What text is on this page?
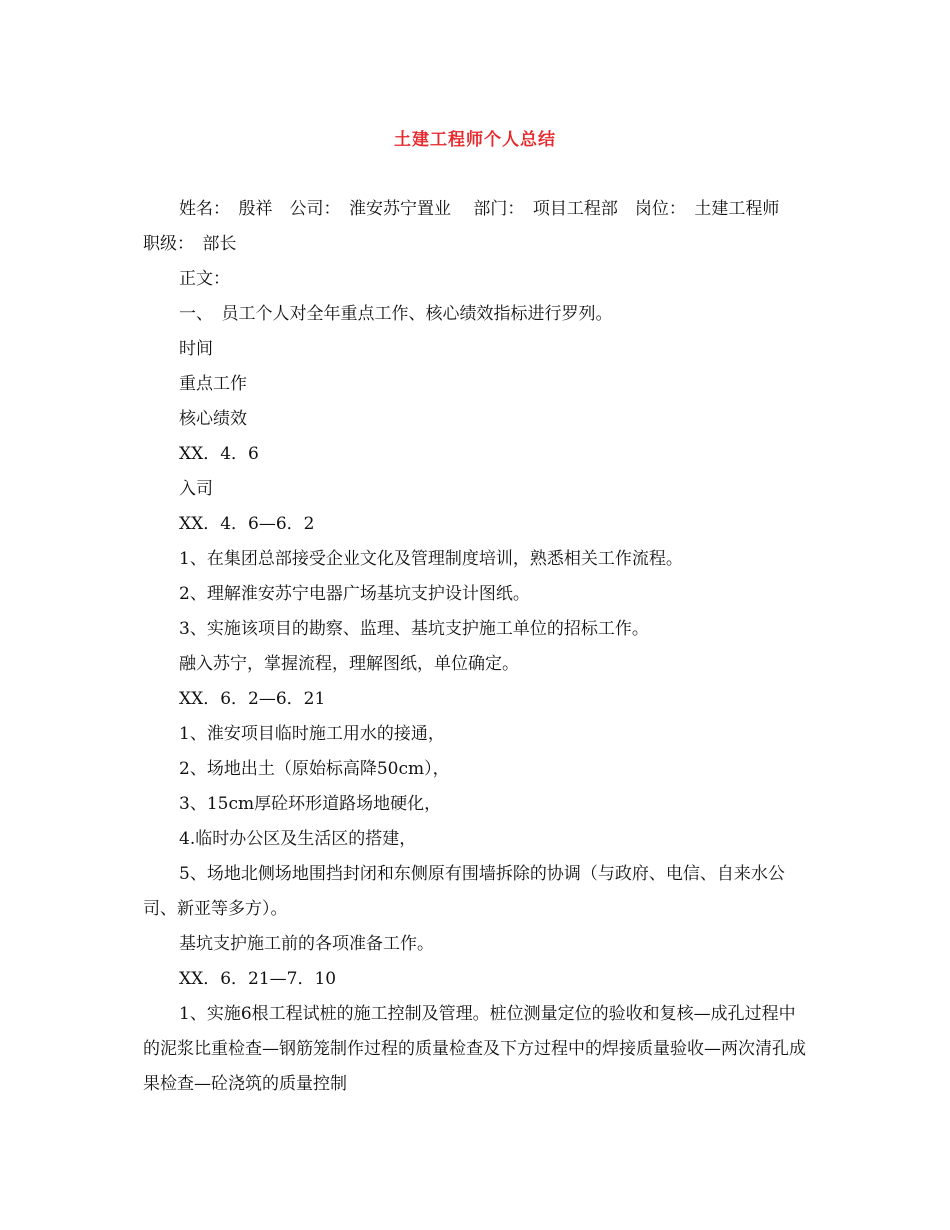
土建工程师个人总结

姓名：　殷祥　公司：　淮安苏宁置业　 部门：　项目工程部　岗位：　土建工程师　职级：　部长

正文：

一、　员工个人对全年重点工作、核心绩效指标进行罗列。

时间

重点工作

核心绩效

XX．4．6

入司

XX．4．6—6．2

1、在集团总部接受企业文化及管理制度培训，熟悉相关工作流程。

2、理解淮安苏宁电器广场基坑支护设计图纸。

3、实施该项目的勘察、监理、基坑支护施工单位的招标工作。

融入苏宁，掌握流程，理解图纸，单位确定。

XX．6．2—6．21

1、淮安项目临时施工用水的接通，

2、场地出土（原始标高降50cm），

3、15cm厚砼环形道路场地硬化，

4.临时办公区及生活区的搭建，

5、场地北侧场地围挡封闭和东侧原有围墙拆除的协调（与政府、电信、自来水公司、新亚等多方）。

基坑支护施工前的各项准备工作。

XX．6．21—7．10

1、实施6根工程试桩的施工控制及管理。桩位测量定位的验收和复核—成孔过程中的泥浆比重检查—钢筋笼制作过程的质量检查及下方过程中的焊接质量验收—两次清孔成果检查—砼浇筑的质量控制
